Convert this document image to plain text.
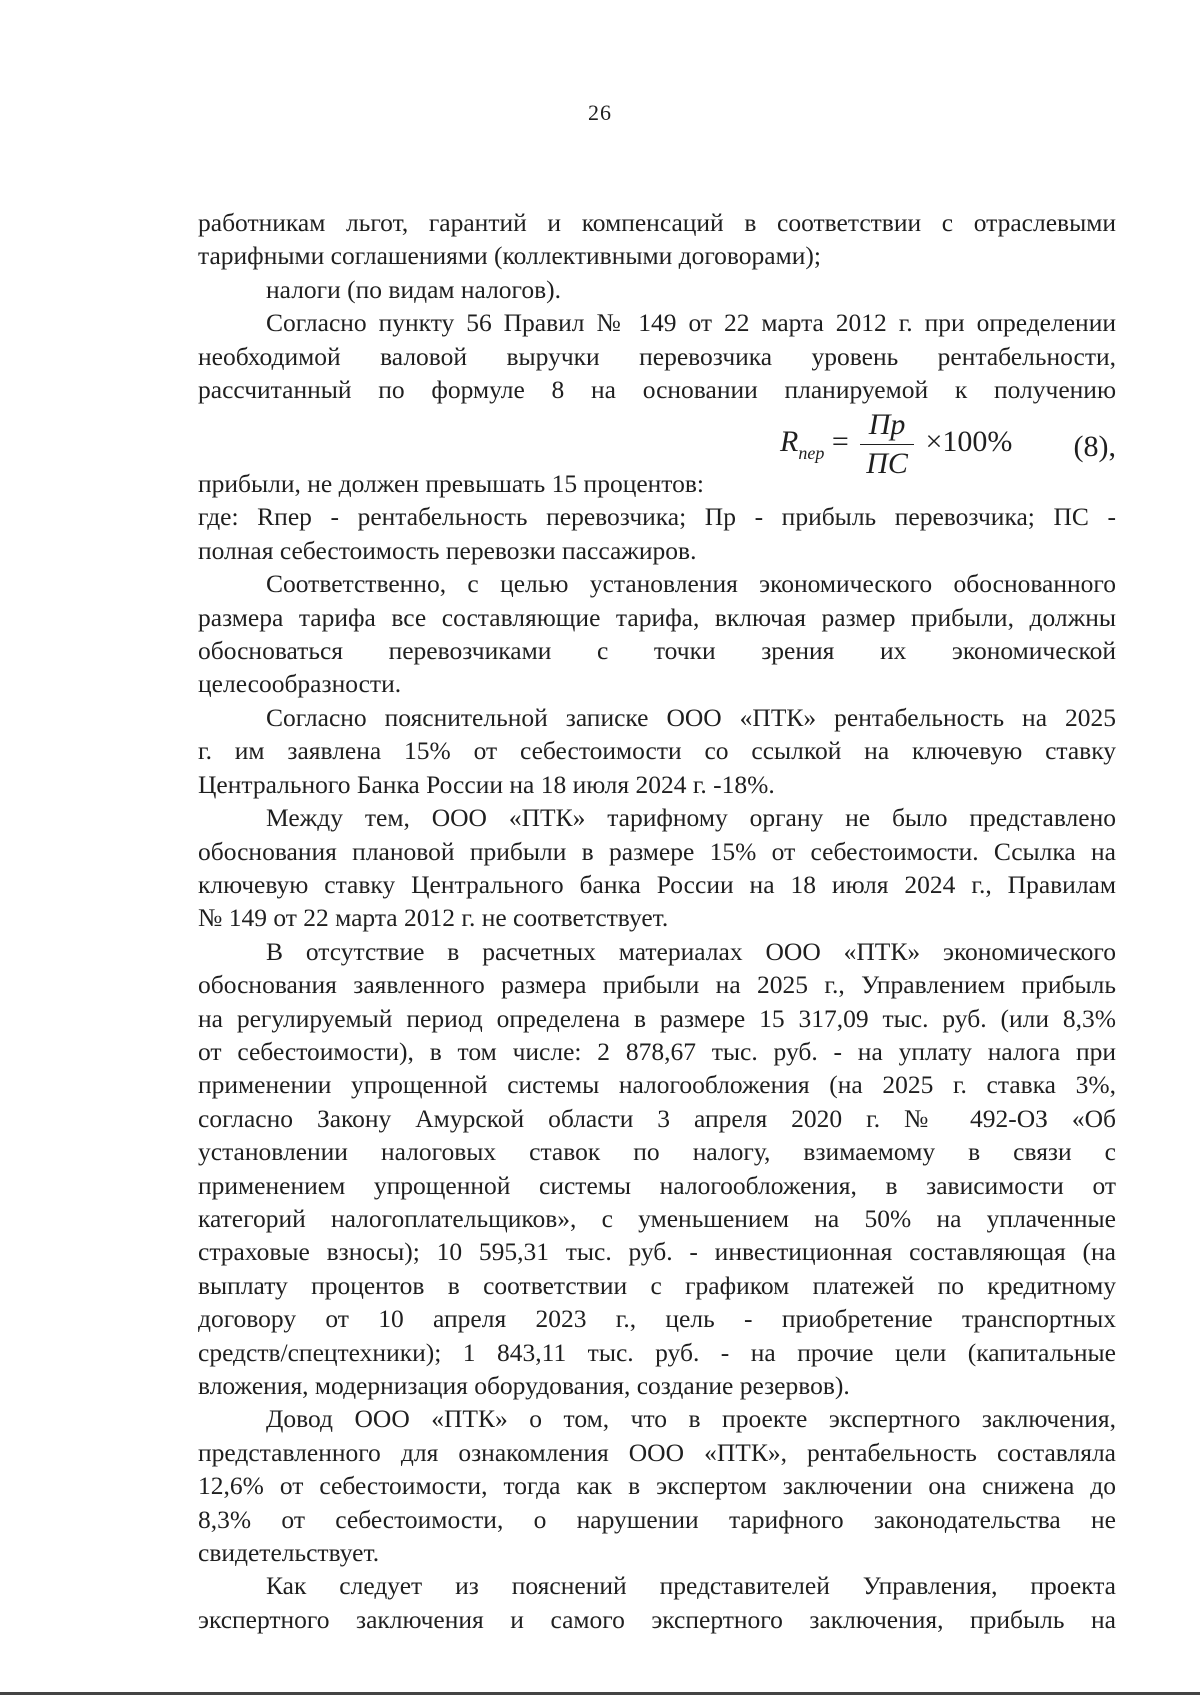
26

работникам льгот, гарантий и компенсаций в соответствии с отраслевыми

тарифными соглашениями (коллективными договорами);

налоги (по видам налогов).

Согласно пункту 56 Правил № 149 от 22 марта 2012 г. при определении

необходимой валовой выручки перевозчика уровень рентабельности,

рассчитанный по формуле 8 на основании планируемой к получению

прибыли, не должен превышать 15 процентов:
$R_{пер} = \frac{Пр}{ПС} \times 100\%$ (8),

где: Rпер - рентабельность перевозчика; Пр - прибыль перевозчика; ПС -

полная себестоимость перевозки пассажиров.

Соответственно, с целью установления экономического обоснованного

размера тарифа все составляющие тарифа, включая размер прибыли, должны

обосноваться перевозчиками с точки зрения их экономической

целесообразности.

Согласно пояснительной записке ООО «ПТК» рентабельность на 2025

г. им заявлена 15% от себестоимости со ссылкой на ключевую ставку

Центрального Банка России на 18 июля 2024 г. -18%.

Между тем, ООО «ПТК» тарифному органу не было представлено

обоснования плановой прибыли в размере 15% от себестоимости. Ссылка на

ключевую ставку Центрального банка России на 18 июля 2024 г., Правилам

№ 149 от 22 марта 2012 г. не соответствует.

В отсутствие в расчетных материалах ООО «ПТК» экономического

обоснования заявленного размера прибыли на 2025 г., Управлением прибыль

на регулируемый период определена в размере 15 317,09 тыс. руб. (или 8,3%

от себестоимости), в том числе: 2 878,67 тыс. руб. - на уплату налога при

применении упрощенной системы налогообложения (на 2025 г. ставка 3%,

согласно Закону Амурской области 3 апреля 2020 г. № 492-ОЗ «Об

установлении налоговых ставок по налогу, взимаемому в связи с

применением упрощенной системы налогообложения, в зависимости от

категорий налогоплательщиков», с уменьшением на 50% на уплаченные

страховые взносы); 10 595,31 тыс. руб. - инвестиционная составляющая (на

выплату процентов в соответствии с графиком платежей по кредитному

договору от 10 апреля 2023 г., цель - приобретение транспортных

средств/спецтехники); 1 843,11 тыс. руб. - на прочие цели (капитальные

вложения, модернизация оборудования, создание резервов).

Довод ООО «ПТК» о том, что в проекте экспертного заключения,

представленного для ознакомления ООО «ПТК», рентабельность составляла

12,6% от себестоимости, тогда как в экспертом заключении она снижена до

8,3% от себестоимости, о нарушении тарифного законодательства не

свидетельствует.

Как следует из пояснений представителей Управления, проекта

экспертного заключения и самого экспертного заключения, прибыль на
